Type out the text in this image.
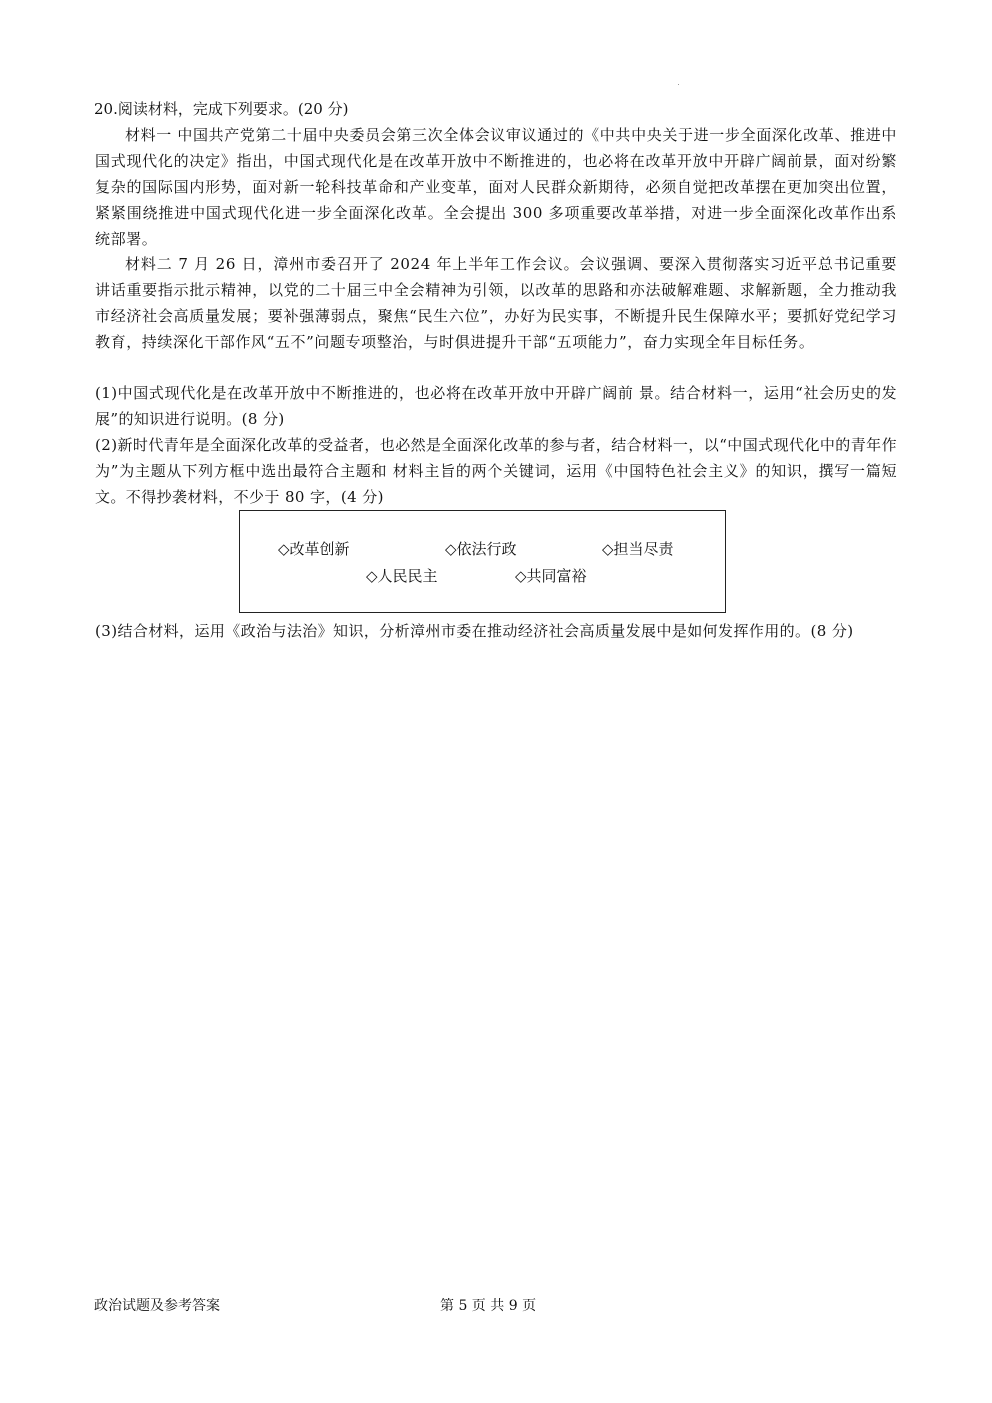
20.阅读材料，完成下列要求。(20 分)
材料一 中国共产党第二十届中央委员会第三次全体会议审议通过的《中共中央关于进一步全面深化改革、推进中国式现代化的决定》指出，中国式现代化是在改革开放中不断推进的，也必将在改革开放中开辟广阔前景，面对纷繁复杂的国际国内形势，面对新一轮科技革命和产业变革，面对人民群众新期待，必须自觉把改革摆在更加突出位置，紧紧围绕推进中国式现代化进一步全面深化改革。全会提出 300 多项重要改革举措，对进一步全面深化改革作出系统部署。
材料二 7 月 26 日，漳州市委召开了 2024 年上半年工作会议。会议强调、要深入贯彻落实习近平总书记重要讲话重要指示批示精神，以党的二十届三中全会精神为引领，以改革的思路和亦法破解难题、求解新题，全力推动我市经济社会高质量发展；要补强薄弱点，聚焦“民生六位”，办好为民实事，不断提升民生保障水平；要抓好党纪学习教育，持续深化干部作风“五不”问题专项整治，与时俱进提升干部“五项能力”，奋力实现全年目标任务。
(1)中国式现代化是在改革开放中不断推进的，也必将在改革开放中开辟广阔前 景。结合材料一，运用“社会历史的发展”的知识进行说明。(8 分)
(2)新时代青年是全面深化改革的受益者，也必然是全面深化改革的参与者，结合材料一，以“中国式现代化中的青年作为”为主题从下列方框中选出最符合主题和 材料主旨的两个关键词，运用《中国特色社会主义》的知识，撰写一篇短文。不得抄袭材料，不少于 80 字，(4 分)
◇改革创新	◇依法行政	◇担当尽责
◇人民民主	◇共同富裕
(3)结合材料，运用《政治与法治》知识，分析漳州市委在推动经济社会高质量发展中是如何发挥作用的。(8 分)
政治试题及参考答案	第 5 页 共 9 页
